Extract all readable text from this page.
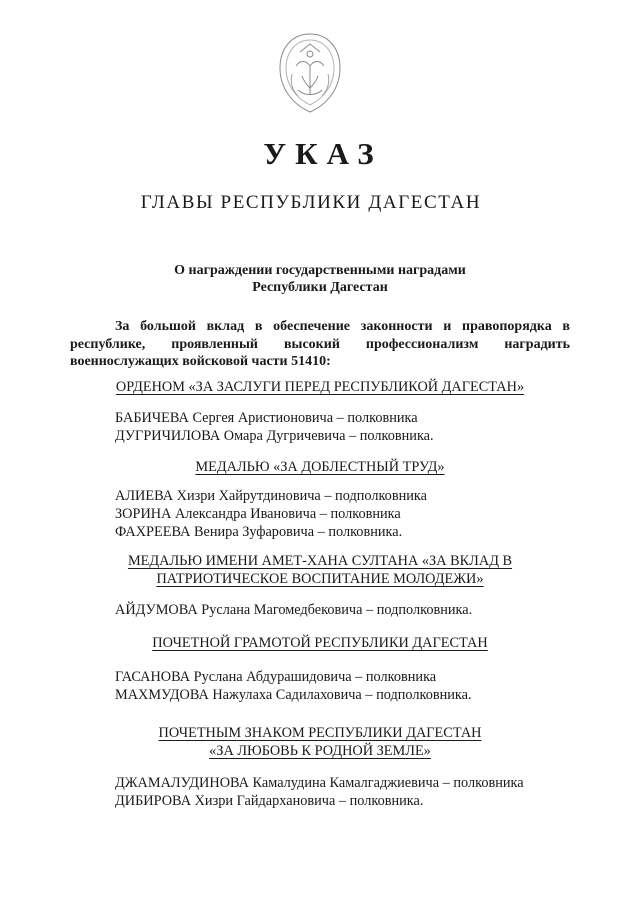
УКАЗ
ГЛАВЫ РЕСПУБЛИКИ ДАГЕСТАН
О награждении государственными наградами
Республики Дагестан
За большой вклад в обеспечение законности и правопорядка в
республике, проявленный высокий профессионализм наградить
военнослужащих войсковой части 51410:
ОРДЕНОМ «ЗА ЗАСЛУГИ ПЕРЕД РЕСПУБЛИКОЙ ДАГЕСТАН»
БАБИЧЕВА Сергея Аристионовича – полковника
ДУГРИЧИЛОВА Омара Дугричевича – полковника.
МЕДАЛЬЮ «ЗА ДОБЛЕСТНЫЙ ТРУД»
АЛИЕВА Хизри Хайрутдиновича – подполковника
ЗОРИНА Александра Ивановича – полковника
ФАХРЕЕВА Венира Зуфаровича – полковника.
МЕДАЛЬЮ ИМЕНИ АМЕТ-ХАНА СУЛТАНА «ЗА ВКЛАД В
ПАТРИОТИЧЕСКОЕ ВОСПИТАНИЕ МОЛОДЕЖИ»
АЙДУМОВА Руслана Магомедбековича – подполковника.
ПОЧЕТНОЙ ГРАМОТОЙ РЕСПУБЛИКИ ДАГЕСТАН
ГАСАНОВА Руслана Абдурашидовича – полковника
МАХМУДОВА Нажулаха Садилаховича – подполковника.
ПОЧЕТНЫМ ЗНАКОМ РЕСПУБЛИКИ ДАГЕСТАН
«ЗА ЛЮБОВЬ К РОДНОЙ ЗЕМЛЕ»
ДЖАМАЛУДИНОВА Камалудина Камалгаджиевича – полковника
ДИБИРОВА Хизри Гайдархановича – полковника.
